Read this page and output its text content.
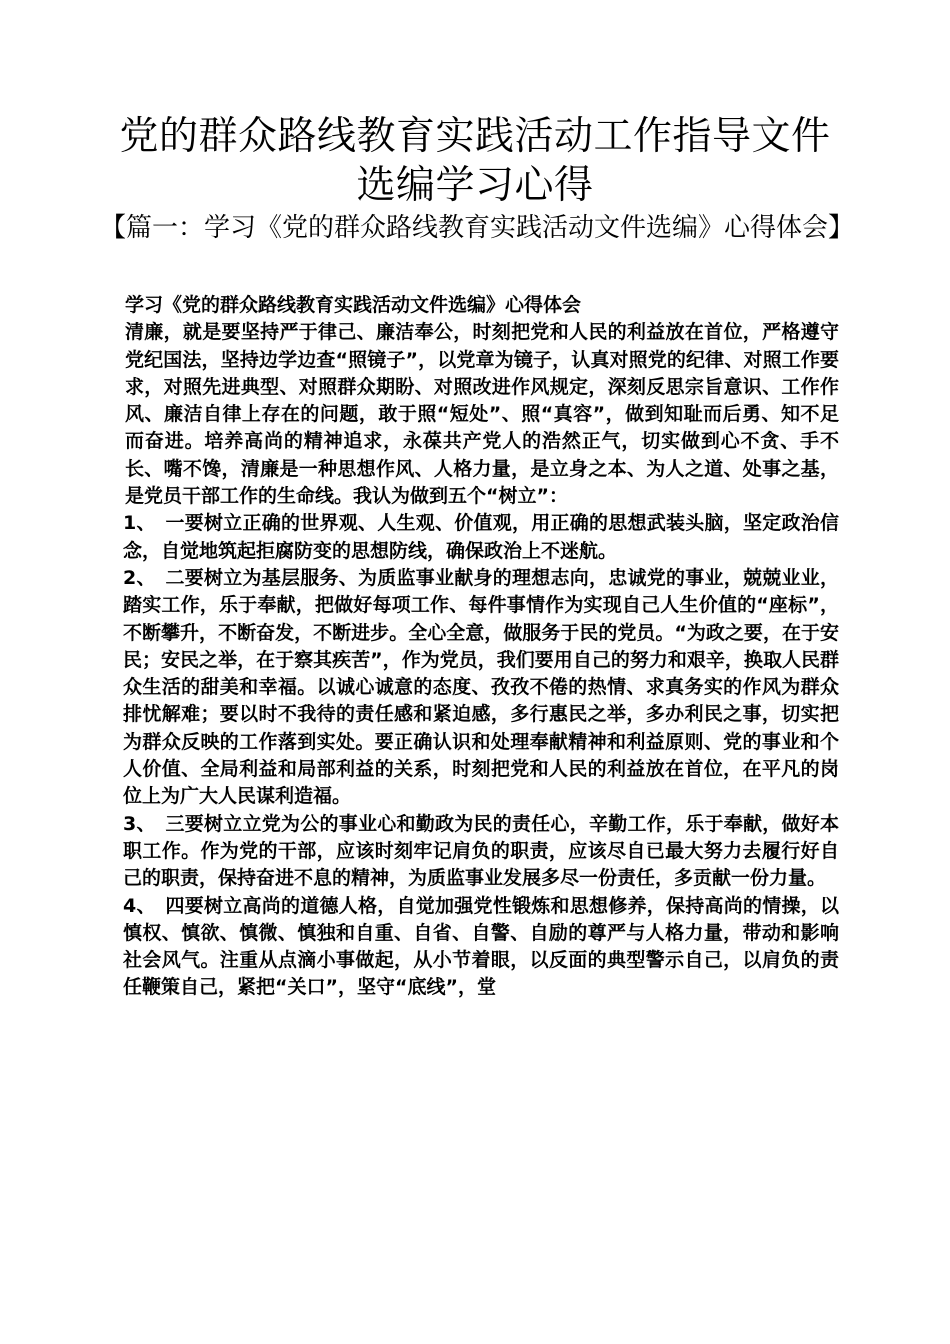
党的群众路线教育实践活动工作指导文件选编学习心得
【篇一：学习《党的群众路线教育实践活动文件选编》心得体会】

学习《党的群众路线教育实践活动文件选编》心得体会

清廉，就是要坚持严于律己、廉洁奉公，时刻把党和人民的利益放在首位，严格遵守党纪国法，坚持边学边查“照镜子”，以党章为镜子，认真对照党的纪律、对照工作要求，对照先进典型、对照群众期盼、对照改进作风规定，深刻反思宗旨意识、工作作风、廉洁自律上存在的问题，敢于照“短处”、照“真容”，做到知耻而后勇、知不足而奋进。培养高尚的精神追求，永葆共产党人的浩然正气，切实做到心不贪、手不长、嘴不馋，清廉是一种思想作风、人格力量，是立身之本、为人之道、处事之基，是党员干部工作的生命线。我认为做到五个“树立”：

1、　一要树立正确的世界观、人生观、价值观，用正确的思想武装头脑，坚定政治信念，自觉地筑起拒腐防变的思想防线，确保政治上不迷航。

2、　二要树立为基层服务、为质监事业献身的理想志向，忠诚党的事业，兢兢业业，踏实工作，乐于奉献，把做好每项工作、每件事情作为实现自己人生价值的“座标”，不断攀升，不断奋发，不断进步。全心全意，做服务于民的党员。“为政之要，在于安民；安民之举，在于察其疾苦”，作为党员，我们要用自己的努力和艰辛，换取人民群众生活的甜美和幸福。以诚心诚意的态度、孜孜不倦的热情、求真务实的作风为群众排忧解难；要以时不我待的责任感和紧迫感，多行惠民之举，多办利民之事，切实把为群众反映的工作落到实处。要正确认识和处理奉献精神和利益原则、党的事业和个人价值、全局利益和局部利益的关系，时刻把党和人民的利益放在首位，在平凡的岗位上为广大人民谋利造福。

3、　三要树立立党为公的事业心和勤政为民的责任心，辛勤工作，乐于奉献，做好本职工作。作为党的干部，应该时刻牢记肩负的职责，应该尽自已最大努力去履行好自己的职责，保持奋进不息的精神，为质监事业发展多尽一份责任，多贡献一份力量。

4、　四要树立高尚的道德人格，自觉加强党性锻炼和思想修养，保持高尚的情操，以慎权、慎欲、慎微、慎独和自重、自省、自警、自励的尊严与人格力量，带动和影响社会风气。注重从点滴小事做起，从小节着眼，以反面的典型警示自己，以肩负的责任鞭策自己，紧把“关口”，坚守“底线”，堂
